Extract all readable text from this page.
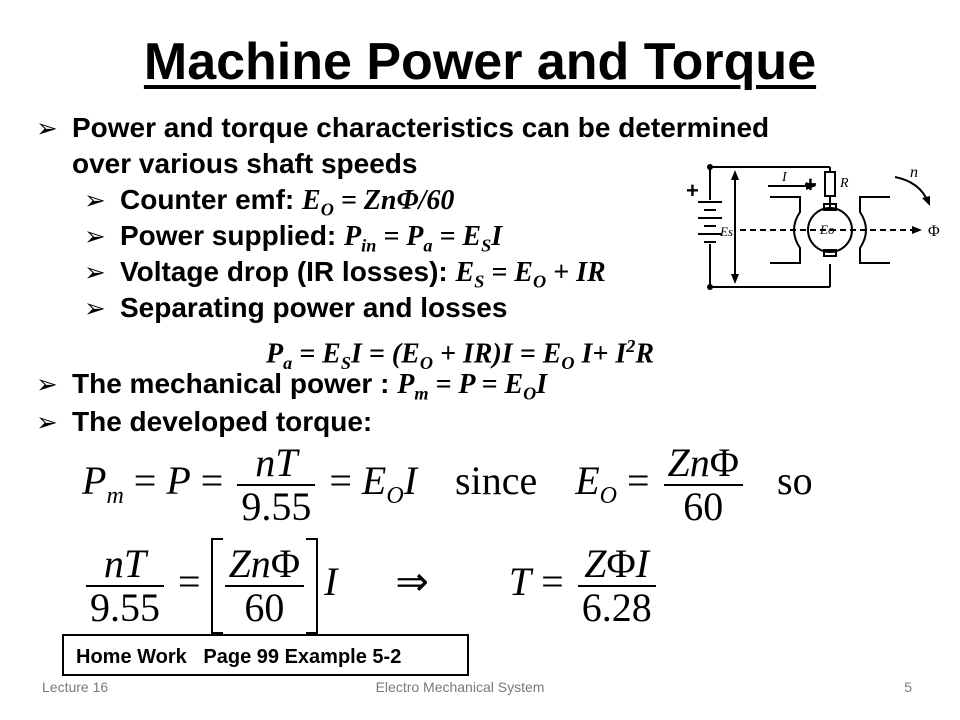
Machine Power and Torque
➢ Power and torque characteristics can be determined
over various shaft speeds
➢ Counter emf: $E_O = Zn\Phi/60$
➢ Power supplied: $P_{in} = P_a = E_SI$
➢ Voltage drop (IR losses): $E_S = E_O$ + IR
➢ Separating power and losses
$P_a = E_SI = (E_O + IR)I = E_O$ $I+ I^2R$
➢ The mechanical power : $P_m = P = E_OI$
➢ The developed torque:
$P_m = P = \frac{nT}{9.55} = E_OI$ since $E_O = \frac{\text{ZnΦ}}{60}$ so
$\frac{nT}{9.55} = \frac{\text{ZnΦ}}{60}$ I ⇒ $T = \frac{\text{ZΦI}}{6.28}$
+	+
I	R
n
Es	Eo	Φ
Home Work   Page 99 Example 5-2
Lecture 16	Electro Mechanical System	5
